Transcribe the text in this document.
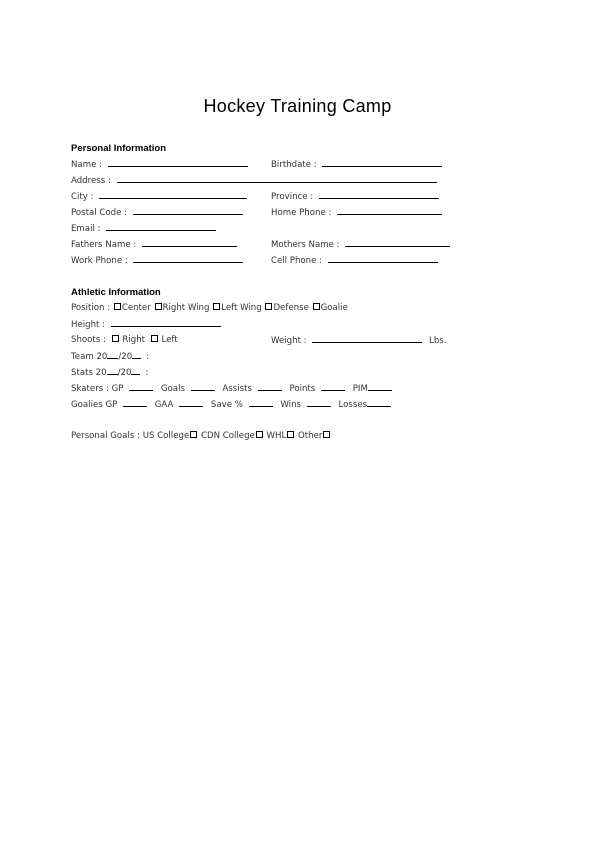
Hockey Training Camp
Personal Information
Name :	Birthdate :
Address :
City :	Province :
Postal Code :	Home Phone :
Email :
Fathers Name :	Mothers Name :
Work Phone :	Cell Phone :
Athletic Information
Position : Center Right Wing Left Wing Defense Goalie
Height :
Shoots : Right Left	Weight :	Lbs.
Team 20 /20 :
Stats 20 /20 :
Skaters : GP	Goals	Assists	Points	PIM
Goalies GP	GAA	Save %	Wins	Losses
Personal Goals : US College CDN College WHL Other
